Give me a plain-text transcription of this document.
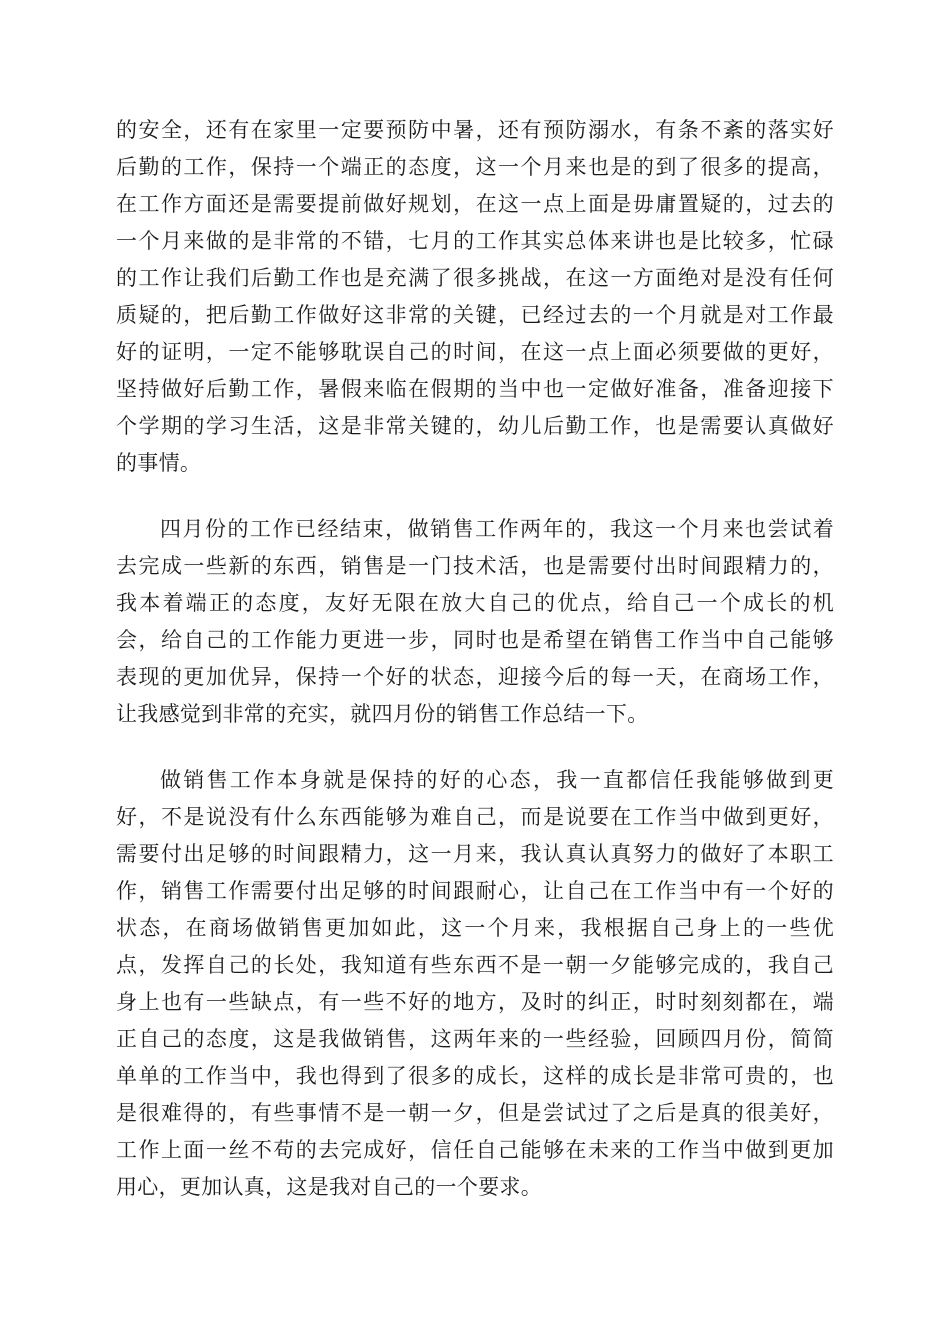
的安全，还有在家里一定要预防中暑，还有预防溺水，有条不紊的落实好
后勤的工作，保持一个端正的态度，这一个月来也是的到了很多的提高，
在工作方面还是需要提前做好规划，在这一点上面是毋庸置疑的，过去的
一个月来做的是非常的不错，七月的工作其实总体来讲也是比较多，忙碌
的工作让我们后勤工作也是充满了很多挑战，在这一方面绝对是没有任何
质疑的，把后勤工作做好这非常的关键，已经过去的一个月就是对工作最
好的证明，一定不能够耽误自己的时间，在这一点上面必须要做的更好，
坚持做好后勤工作，暑假来临在假期的当中也一定做好准备，准备迎接下
个学期的学习生活，这是非常关键的，幼儿后勤工作，也是需要认真做好
的事情。
四月份的工作已经结束，做销售工作两年的，我这一个月来也尝试着
去完成一些新的东西，销售是一门技术活，也是需要付出时间跟精力的，
我本着端正的态度，友好无限在放大自己的优点，给自己一个成长的机
会，给自己的工作能力更进一步，同时也是希望在销售工作当中自己能够
表现的更加优异，保持一个好的状态，迎接今后的每一天，在商场工作，
让我感觉到非常的充实，就四月份的销售工作总结一下。
做销售工作本身就是保持的好的心态，我一直都信任我能够做到更
好，不是说没有什么东西能够为难自己，而是说要在工作当中做到更好，
需要付出足够的时间跟精力，这一月来，我认真认真努力的做好了本职工
作，销售工作需要付出足够的时间跟耐心，让自己在工作当中有一个好的
状态，在商场做销售更加如此，这一个月来，我根据自己身上的一些优
点，发挥自己的长处，我知道有些东西不是一朝一夕能够完成的，我自己
身上也有一些缺点，有一些不好的地方，及时的纠正，时时刻刻都在，端
正自己的态度，这是我做销售，这两年来的一些经验，回顾四月份，简简
单单的工作当中，我也得到了很多的成长，这样的成长是非常可贵的，也
是很难得的，有些事情不是一朝一夕，但是尝试过了之后是真的很美好，
工作上面一丝不苟的去完成好，信任自己能够在未来的工作当中做到更加
用心，更加认真，这是我对自己的一个要求。
